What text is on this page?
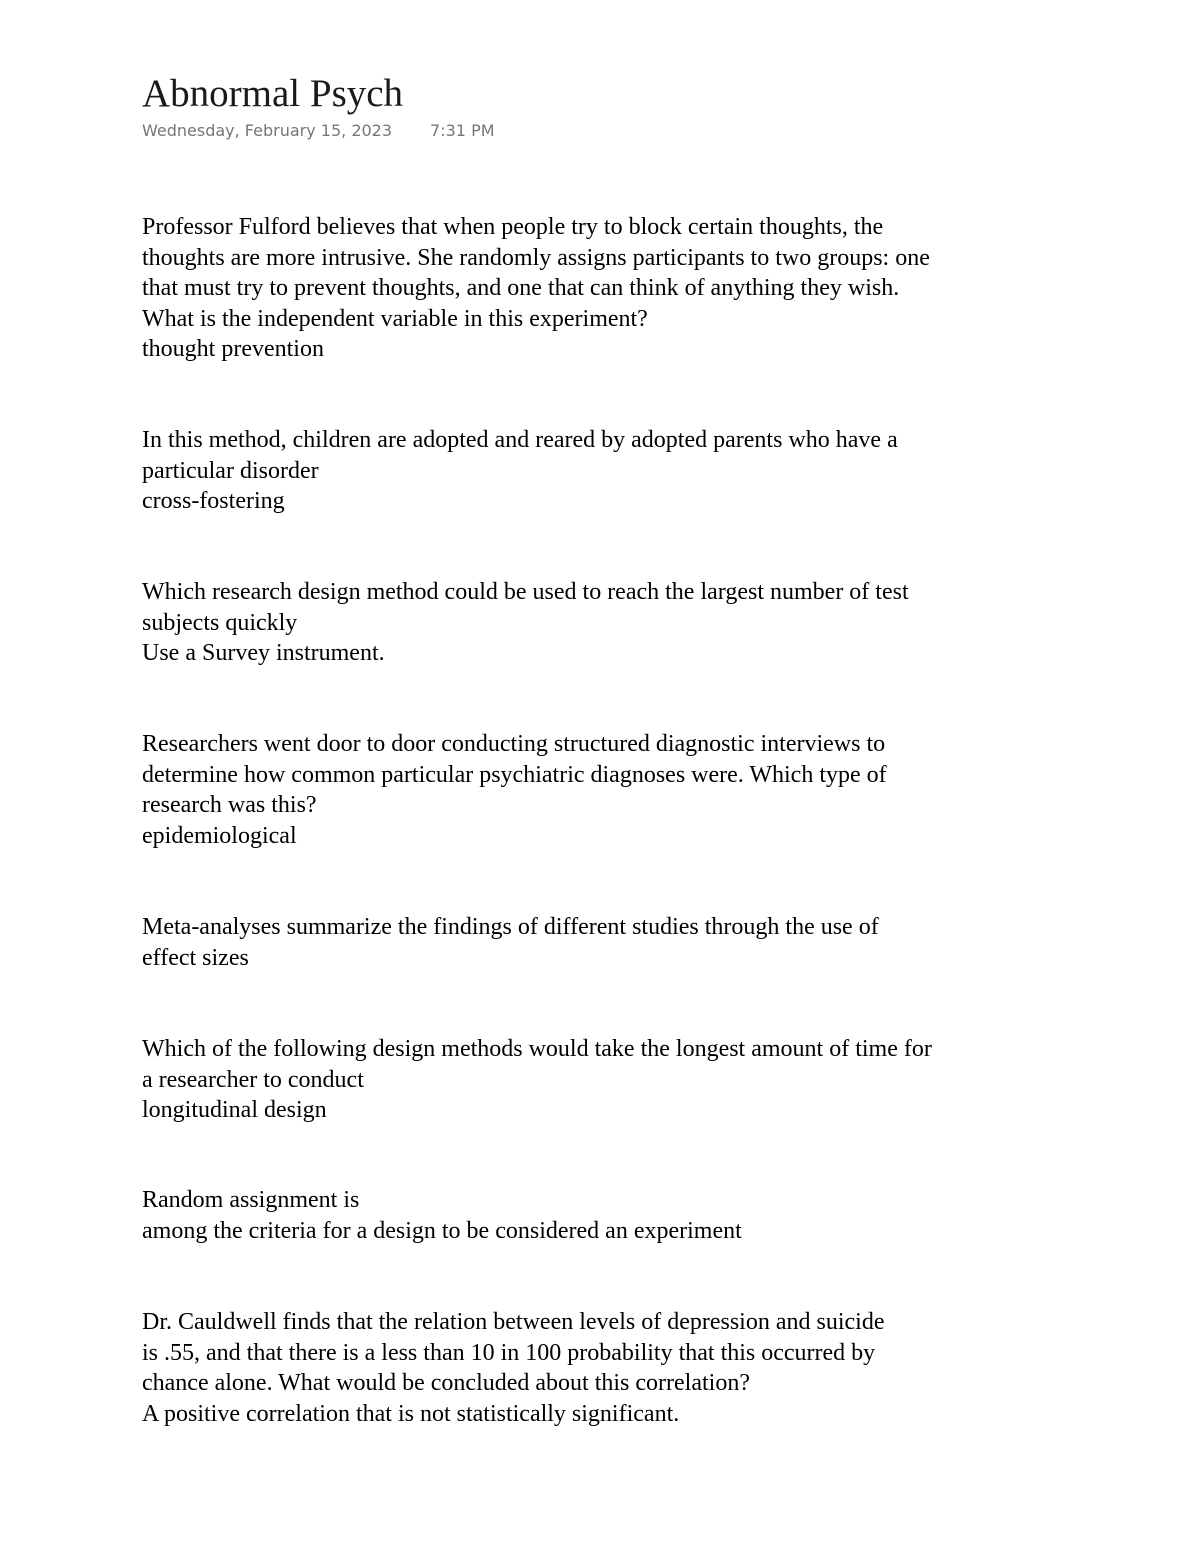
Abnormal Psych
Wednesday, February 15, 2023 7:31 PM
Professor Fulford believes that when people try to block certain thoughts, the
thoughts are more intrusive. She randomly assigns participants to two groups: one
that must try to prevent thoughts, and one that can think of anything they wish.
What is the independent variable in this experiment?
thought prevention
In this method, children are adopted and reared by adopted parents who have a
particular disorder
cross-fostering
Which research design method could be used to reach the largest number of test
subjects quickly
Use a Survey instrument.
Researchers went door to door conducting structured diagnostic interviews to
determine how common particular psychiatric diagnoses were. Which type of
research was this?
epidemiological
Meta-analyses summarize the findings of different studies through the use of
effect sizes
Which of the following design methods would take the longest amount of time for
a researcher to conduct
longitudinal design
Random assignment is
among the criteria for a design to be considered an experiment
Dr. Cauldwell finds that the relation between levels of depression and suicide
is .55, and that there is a less than 10 in 100 probability that this occurred by
chance alone. What would be concluded about this correlation?
A positive correlation that is not statistically significant.
